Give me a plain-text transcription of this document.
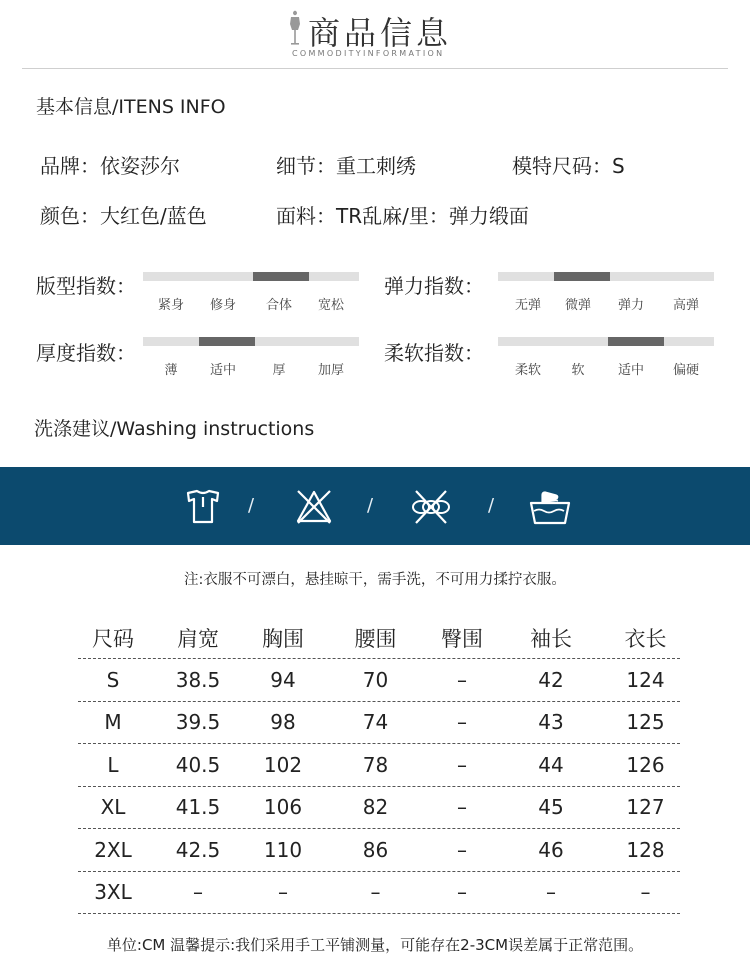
商品信息
COMMODITYINFORMATION
基本信息/ITENS INFO
品牌：依姿莎尔	细节：重工刺绣	模特尺码：S
颜色：大红色/蓝色	面料：TR乱麻/里：弹力缎面
版型指数：
紧身	修身	合体	宽松
弹力指数：
无弹	微弹	弹力	高弹
厚度指数：
薄	适中	厚	加厚
柔软指数：
柔软	软	适中	偏硬
洗涤建议/Washing instructions
/	/	/
注:衣服不可漂白，悬挂晾干，需手洗，不可用力揉拧衣服。
尺码	肩宽	胸围	腰围	臀围	袖长	衣长
S	38.5	94	70	–	42	124
M	39.5	98	74	–	43	125
L	40.5	102	78	–	44	126
XL	41.5	106	82	–	45	127
2XL	42.5	110	86	–	46	128
3XL	–	–	–	–	–	–
单位:CM 温馨提示:我们采用手工平铺测量，可能存在2-3CM误差属于正常范围。
